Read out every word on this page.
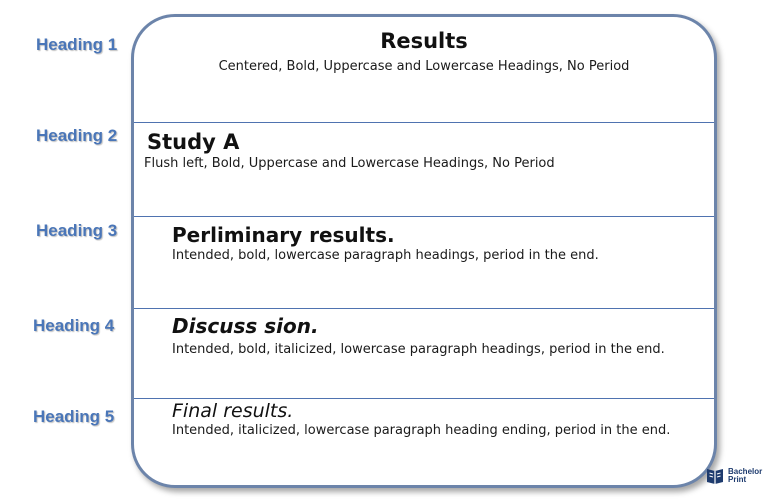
Heading 1
Heading 2
Heading 3
Heading 4
Heading 5
Results
Centered, Bold, Uppercase and Lowercase Headings, No Period
Study A
Flush left, Bold, Uppercase and Lowercase Headings, No Period
Perliminary results.
Intended, bold, lowercase paragraph headings, period in the end.
Discuss sion.
Intended, bold, italicized, lowercase paragraph headings, period in the end.
Final results.
Intended, italicized, lowercase paragraph heading ending, period in the end.
Bachelor
Print
